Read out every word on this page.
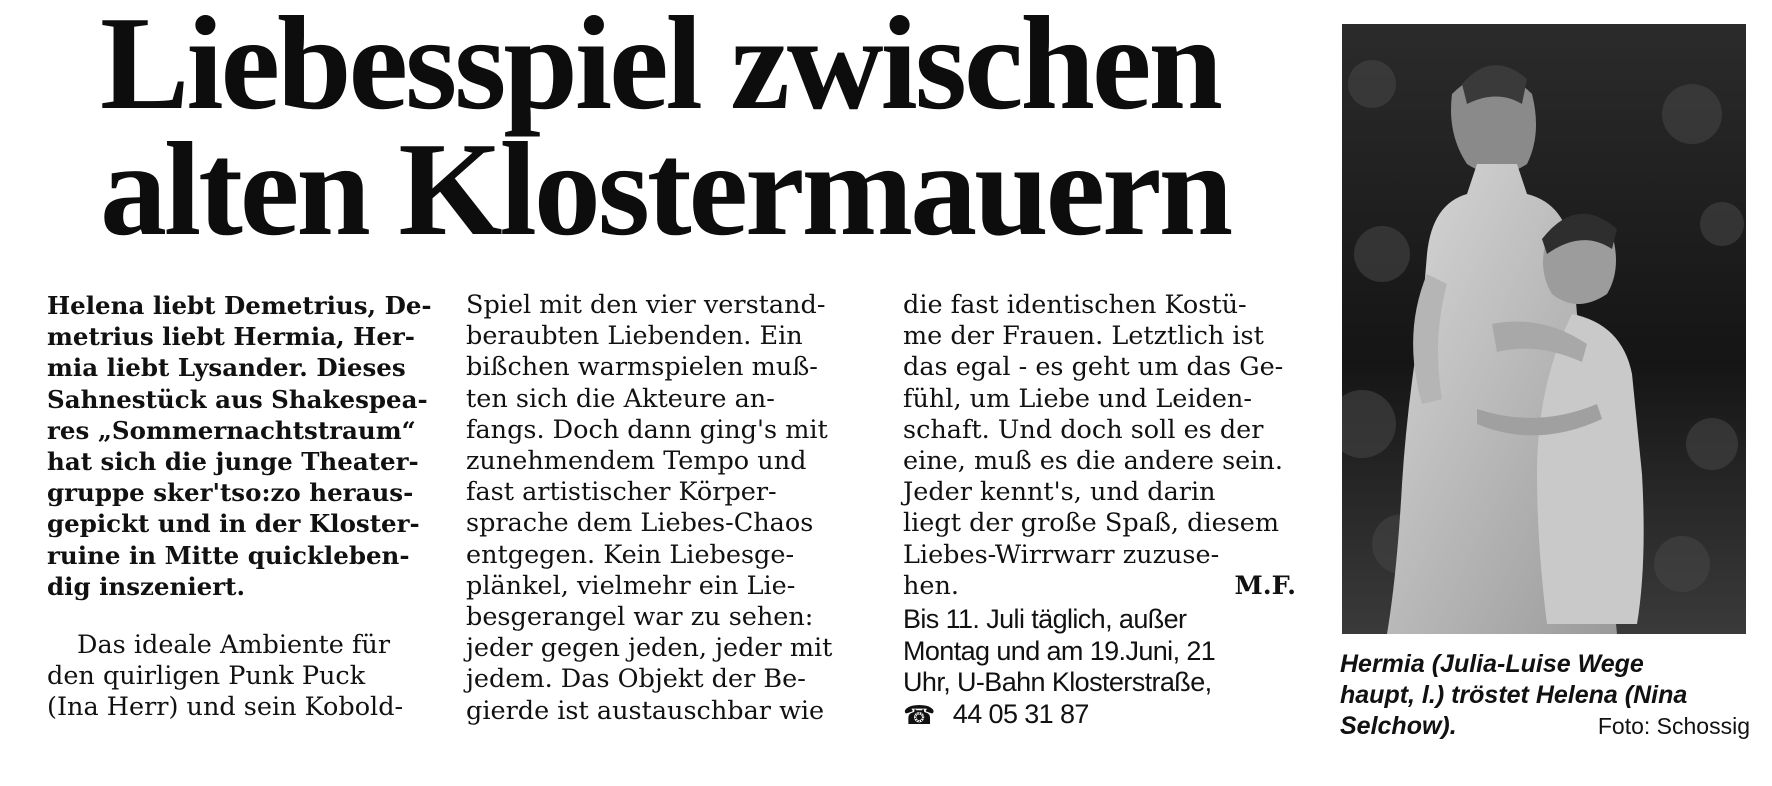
Liebesspiel zwischen
alten Klostermauern

Helena liebt Demetrius, De-

metrius liebt Hermia, Her-

mia liebt Lysander. Dieses

Sahnestück aus Shakespea-

res „Sommernachtstraum“

hat sich die junge Theater-

gruppe sker'tso:zo heraus-

gepickt und in der Kloster-

ruine in Mitte quickleben-

dig inszeniert.

Das ideale Ambiente für

den quirligen Punk Puck

(Ina Herr) und sein Kobold-

Spiel mit den vier verstand-

beraubten Liebenden. Ein

bißchen warmspielen muß-

ten sich die Akteure an-

fangs. Doch dann ging's mit

zunehmendem Tempo und

fast artistischer Körper-

sprache dem Liebes-Chaos

entgegen. Kein Liebesge-

plänkel, vielmehr ein Lie-

besgerangel war zu sehen:

jeder gegen jeden, jeder mit

jedem. Das Objekt der Be-

gierde ist austauschbar wie

die fast identischen Kostü-

me der Frauen. Letztlich ist

das egal - es geht um das Ge-

fühl, um Liebe und Leiden-

schaft. Und doch soll es der

eine, muß es die andere sein.

Jeder kennt's, und darin

liegt der große Spaß, diesem

Liebes-Wirrwarr zuzuse-

hen.	M.F.

Bis 11. Juli täglich, außer

Montag und am 19.Juni, 21

Uhr, U-Bahn Klosterstraße,

☎ 44 05 31 87

Hermia (Julia-Luise Wege

haupt, l.) tröstet Helena (Nina

Selchow).	Foto: Schossig
